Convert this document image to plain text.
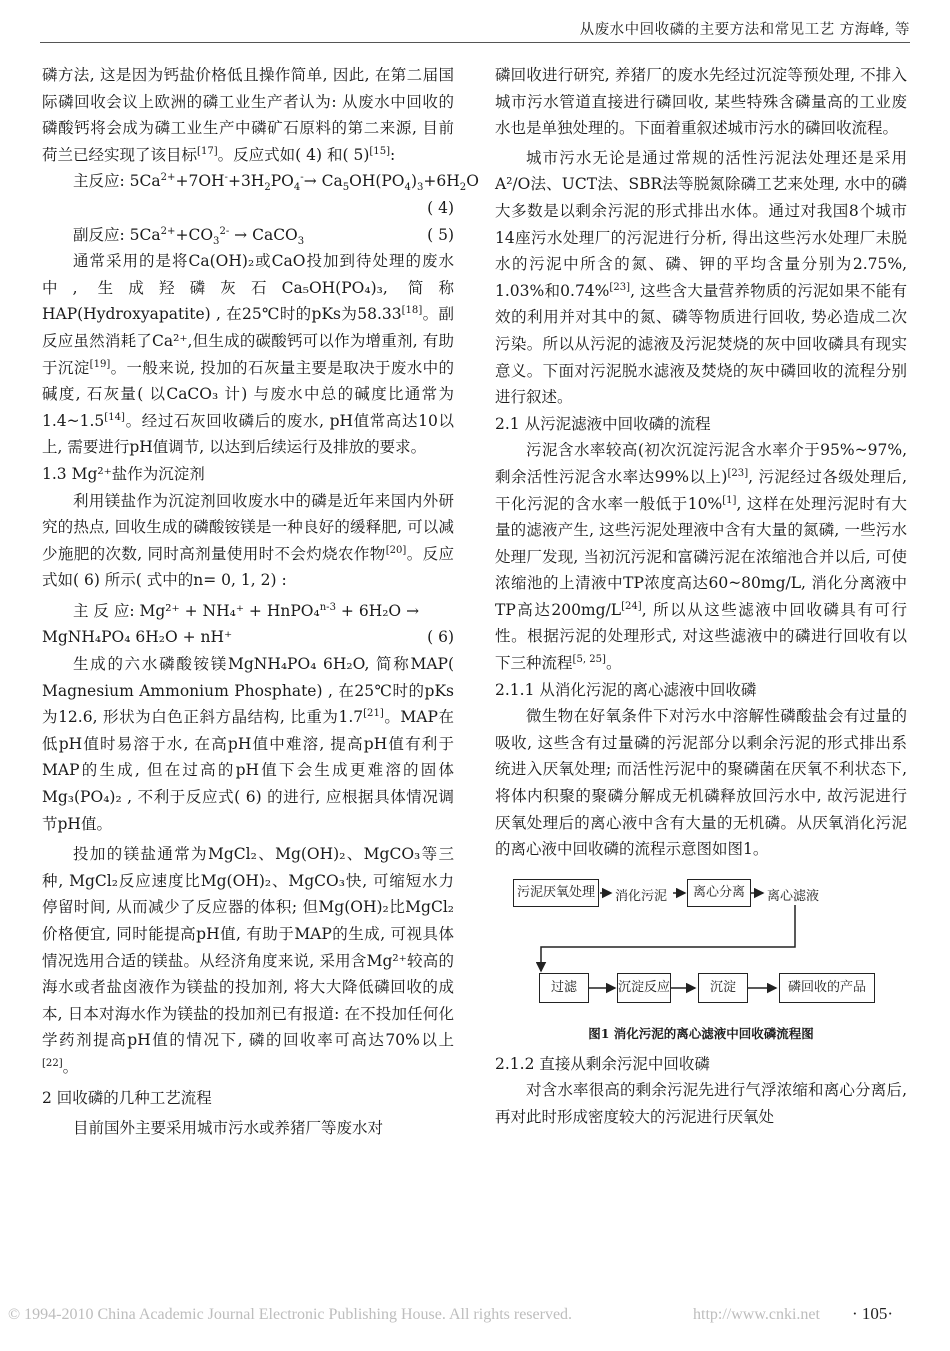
从废水中回收磷的主要方法和常见工艺 方海峰, 等

磷方法, 这是因为钙盐价格低且操作简单, 因此, 在第二届国际磷回收会议上欧洲的磷工业生产者认为: 从废水中回收的磷酸钙将会成为磷工业生产中磷矿石原料的第二来源, 目前荷兰已经实现了该目标[17]。反应式如( 4) 和( 5)[15]:

主反应: $5Ca^{2+}+7OH^-+3H_2PO_4^-\to Ca_5OH(PO_4)_3+6H_2O$

( 4)

副反应: $5Ca^{2+}+CO_3^{2-}$ → CaCO$_3$	( 5)

通常采用的是将Ca(OH)₂或CaO投加到待处理的废水中, 生成羟磷灰石Ca₅OH(PO₄)₃, 简称HAP(Hydroxyapatite) , 在25℃时的pKs为58.33[18]。副反应虽然消耗了Ca²⁺,但生成的碳酸钙可以作为增重剂, 有助于沉淀[19]。一般来说, 投加的石灰量主要是取决于废水中的碱度, 石灰量( 以CaCO₃ 计) 与废水中总的碱度比通常为1.4~1.5[14]。经过石灰回收磷后的废水, pH值常高达10以上, 需要进行pH值调节, 以达到后续运行及排放的要求。

1.3 Mg²⁺盐作为沉淀剂

利用镁盐作为沉淀剂回收废水中的磷是近年来国内外研究的热点, 回收生成的磷酸铵镁是一种良好的缓释肥, 可以减少施肥的次数, 同时高剂量使用时不会灼烧农作物[20]。反应式如( 6) 所示( 式中的n= 0, 1, 2) :

主 反 应: Mg²⁺ + NH₄⁺ + HnPO₄$^{n-3}$ + 6H₂O →

MgNH₄PO₄ 6H₂O + nH⁺	( 6)

生成的六水磷酸铵镁MgNH₄PO₄ 6H₂O, 简称MAP( Magnesium Ammonium Phosphate) , 在25℃时的pKs为12.6, 形状为白色正斜方晶结构, 比重为1.7[21]。MAP在低pH值时易溶于水, 在高pH值中难溶, 提高pH值有利于MAP的生成, 但在过高的pH值下会生成更难溶的固体Mg₃(PO₄)₂ , 不利于反应式( 6) 的进行, 应根据具体情况调节pH值。

投加的镁盐通常为MgCl₂、Mg(OH)₂、MgCO₃等三种, MgCl₂反应速度比Mg(OH)₂、MgCO₃快, 可缩短水力停留时间, 从而减少了反应器的体积; 但Mg(OH)₂比MgCl₂价格便宜, 同时能提高pH值, 有助于MAP的生成, 可视具体情况选用合适的镁盐。从经济角度来说, 采用含Mg²⁺较高的海水或者盐卤液作为镁盐的投加剂, 将大大降低磷回收的成本, 日本对海水作为镁盐的投加剂已有报道: 在不投加任何化学药剂提高pH值的情况下, 磷的回收率可高达70%以上[22]。

2 回收磷的几种工艺流程

目前国外主要采用城市污水或养猪厂等废水对

磷回收进行研究, 养猪厂的废水先经过沉淀等预处理, 不排入城市污水管道直接进行磷回收, 某些特殊含磷量高的工业废水也是单独处理的。下面着重叙述城市污水的磷回收流程。

城市污水无论是通过常规的活性污泥法处理还是采用A²/O法、UCT法、SBR法等脱氮除磷工艺来处理, 水中的磷大多数是以剩余污泥的形式排出水体。通过对我国8个城市14座污水处理厂的污泥进行分析, 得出这些污水处理厂未脱水的污泥中所含的氮、磷、钾的平均含量分别为2.75%, 1.03%和0.74%[23], 这些含大量营养物质的污泥如果不能有效的利用并对其中的氮、磷等物质进行回收, 势必造成二次污染。所以从污泥的滤液及污泥焚烧的灰中回收磷具有现实意义。下面对污泥脱水滤液及焚烧的灰中磷回收的流程分别进行叙述。

2.1 从污泥滤液中回收磷的流程

污泥含水率较高(初次沉淀污泥含水率介于95%~97%, 剩余活性污泥含水率达99%以上)[23], 污泥经过各级处理后, 干化污泥的含水率一般低于10%[1], 这样在处理污泥时有大量的滤液产生, 这些污泥处理液中含有大量的氮磷, 一些污水处理厂发现, 当初沉污泥和富磷污泥在浓缩池合并以后, 可使浓缩池的上清液中TP浓度高达60~80mg/L, 消化分离液中TP高达200mg/L[24], 所以从这些滤液中回收磷具有可行性。根据污泥的处理形式, 对这些滤液中的磷进行回收有以下三种流程[5, 25]。

2.1.1 从消化污泥的离心滤液中回收磷

微生物在好氧条件下对污水中溶解性磷酸盐会有过量的吸收, 这些含有过量磷的污泥部分以剩余污泥的形式排出系统进入厌氧处理; 而活性污泥中的聚磷菌在厌氧不利状态下, 将体内积聚的聚磷分解成无机磷释放回污水中, 故污泥进行厌氧处理后的离心液中含有大量的无机磷。从厌氧消化污泥的离心液中回收磷的流程示意图如图1。

污泥厌氧处理	消化污泥	离心分离	离心滤液
过滤	沉淀反应	沉淀	磷回收的产品
图1 消化污泥的离心滤液中回收磷流程图

2.1.2 直接从剩余污泥中回收磷

对含水率很高的剩余污泥先进行气浮浓缩和离心分离后, 再对此时形成密度较大的污泥进行厌氧处

© 1994-2010 China Academic Journal Electronic Publishing House. All rights reserved.	http://www.cnki.net · 105·
